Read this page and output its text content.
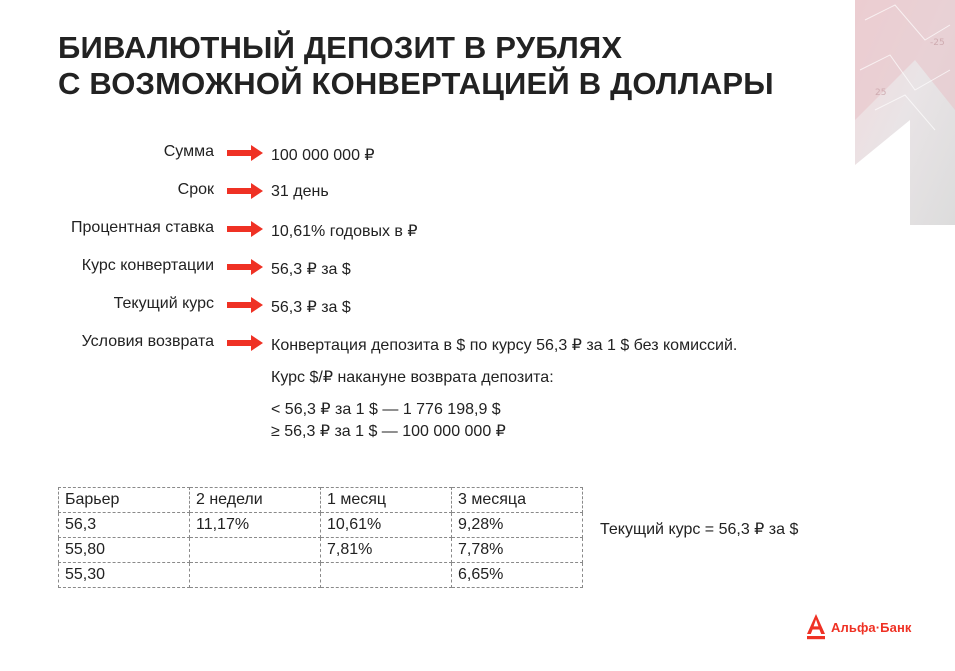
БИВАЛЮТНЫЙ ДЕПОЗИТ В РУБЛЯХ
С ВОЗМОЖНОЙ КОНВЕРТАЦИЕЙ В ДОЛЛАРЫ
-25
25
Сумма	100 000 000 ₽
Срок	31 день
Процентная ставка	10,61% годовых в ₽
Курс конвертации	56,3 ₽ за $
Текущий курс	56,3 ₽ за $
Условия возврата	Конвертация депозита в $ по курсу 56,3 ₽ за 1 $ без комиссий.
Курс $/₽ накануне возврата депозита:
< 56,3 ₽ за 1 $ — 1 776 198,9 $
≥ 56,3 ₽ за 1 $ — 100 000 000 ₽
Барьер	2 недели	1 месяц	3 месяца
56,3	11,17%	10,61%	9,28%
55,80		7,81%	7,78%
55,30			6,65%
Текущий курс = 56,3 ₽ за $
Альфа·Банк
